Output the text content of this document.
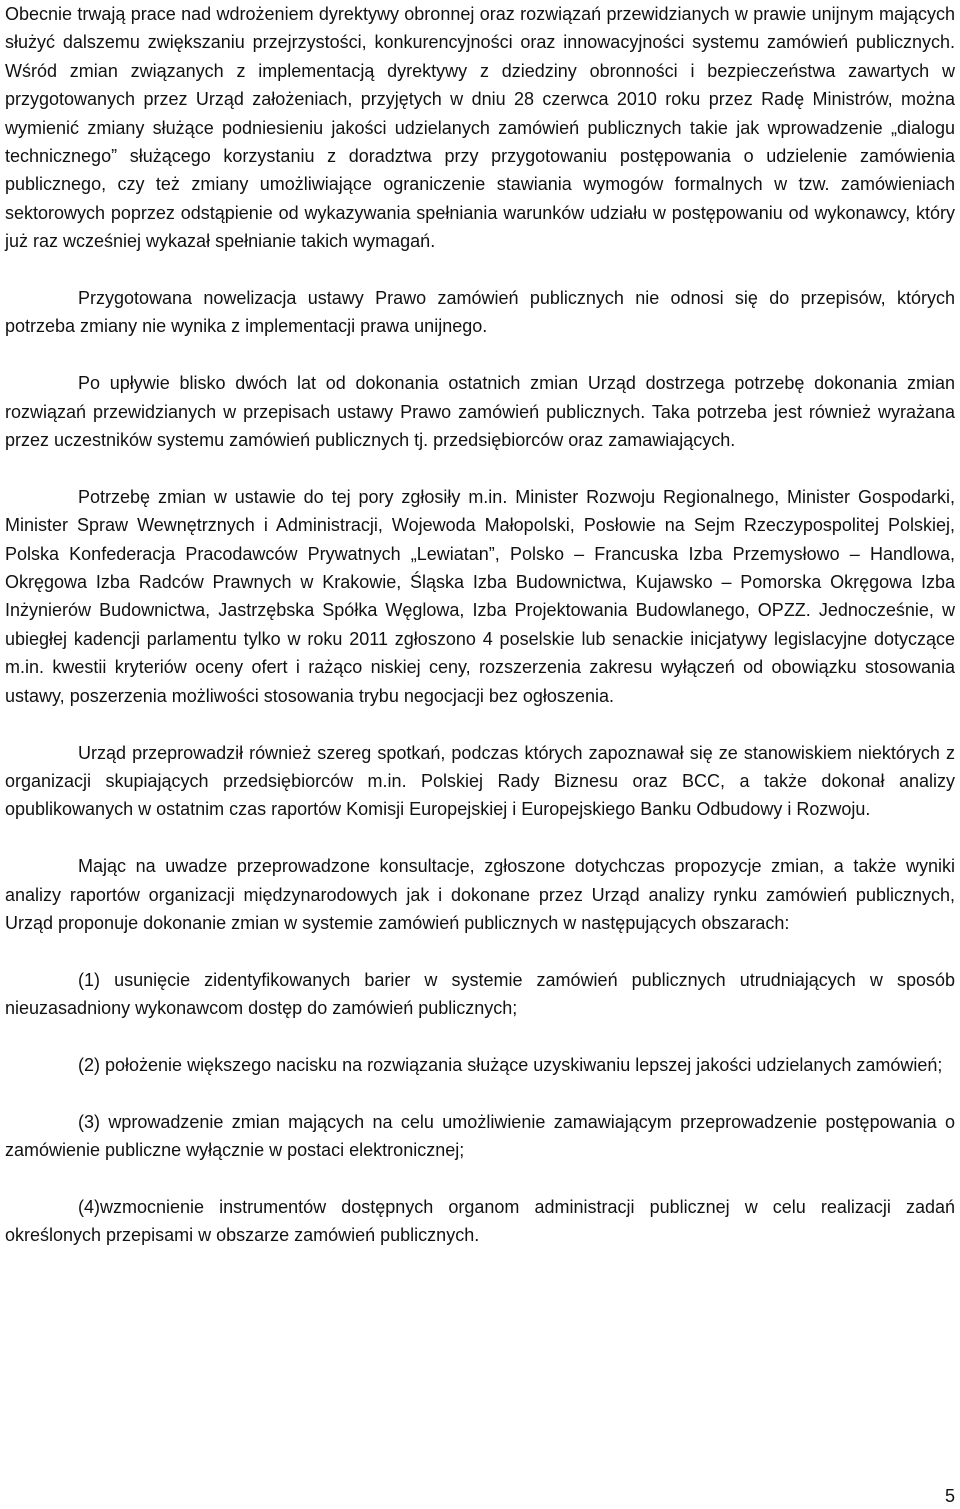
Obecnie trwają prace nad wdrożeniem dyrektywy obronnej oraz rozwiązań przewidzianych w prawie unijnym mających służyć dalszemu zwiększaniu przejrzystości, konkurencyjności oraz innowacyjności systemu zamówień publicznych. Wśród zmian związanych z implementacją dyrektywy z dziedziny obronności i bezpieczeństwa zawartych w przygotowanych przez Urząd założeniach, przyjętych w dniu 28 czerwca 2010 roku przez Radę Ministrów, można wymienić zmiany służące podniesieniu jakości udzielanych zamówień publicznych takie jak wprowadzenie „dialogu technicznego” służącego korzystaniu z doradztwa przy przygotowaniu postępowania o udzielenie zamówienia publicznego, czy też zmiany umożliwiające ograniczenie stawiania wymogów formalnych w tzw. zamówieniach sektorowych poprzez odstąpienie od wykazywania spełniania warunków udziału w postępowaniu od wykonawcy, który już raz wcześniej wykazał spełnianie takich wymagań.

Przygotowana nowelizacja ustawy Prawo zamówień publicznych nie odnosi się do przepisów, których potrzeba zmiany nie wynika z implementacji prawa unijnego.

Po upływie blisko dwóch lat od dokonania ostatnich zmian Urząd dostrzega potrzebę dokonania zmian rozwiązań przewidzianych w przepisach ustawy Prawo zamówień publicznych. Taka potrzeba jest również wyrażana przez uczestników systemu zamówień publicznych tj. przedsiębiorców oraz zamawiających.

Potrzebę zmian w ustawie do tej pory zgłosiły m.in. Minister Rozwoju Regionalnego, Minister Gospodarki, Minister Spraw Wewnętrznych i Administracji, Wojewoda Małopolski, Posłowie na Sejm Rzeczypospolitej Polskiej, Polska Konfederacja Pracodawców Prywatnych „Lewiatan”, Polsko – Francuska Izba Przemysłowo – Handlowa, Okręgowa Izba Radców Prawnych w Krakowie, Śląska Izba Budownictwa, Kujawsko – Pomorska Okręgowa Izba Inżynierów Budownictwa, Jastrzębska Spółka Węglowa, Izba Projektowania Budowlanego, OPZZ. Jednocześnie, w ubiegłej kadencji parlamentu tylko w roku 2011 zgłoszono 4 poselskie lub senackie inicjatywy legislacyjne dotyczące m.in. kwestii kryteriów oceny ofert i rażąco niskiej ceny, rozszerzenia zakresu wyłączeń od obowiązku stosowania ustawy, poszerzenia możliwości stosowania trybu negocjacji bez ogłoszenia.

Urząd przeprowadził również szereg spotkań, podczas których zapoznawał się ze stanowiskiem niektórych z organizacji skupiających przedsiębiorców m.in. Polskiej Rady Biznesu oraz BCC, a także dokonał analizy opublikowanych w ostatnim czas raportów Komisji Europejskiej i Europejskiego Banku Odbudowy i Rozwoju.

Mając na uwadze przeprowadzone konsultacje, zgłoszone dotychczas propozycje zmian, a także wyniki analizy raportów organizacji międzynarodowych jak i dokonane przez Urząd analizy rynku zamówień publicznych, Urząd proponuje dokonanie zmian w systemie zamówień publicznych w następujących obszarach:

(1) usunięcie zidentyfikowanych barier w systemie zamówień publicznych utrudniających w sposób nieuzasadniony wykonawcom dostęp do zamówień publicznych;

(2) położenie większego nacisku na rozwiązania służące uzyskiwaniu lepszej jakości udzielanych zamówień;

(3) wprowadzenie zmian mających na celu umożliwienie zamawiającym przeprowadzenie postępowania o zamówienie publiczne wyłącznie w postaci elektronicznej;

(4)wzmocnienie instrumentów dostępnych organom administracji publicznej w celu realizacji zadań określonych przepisami w obszarze zamówień publicznych.

5
